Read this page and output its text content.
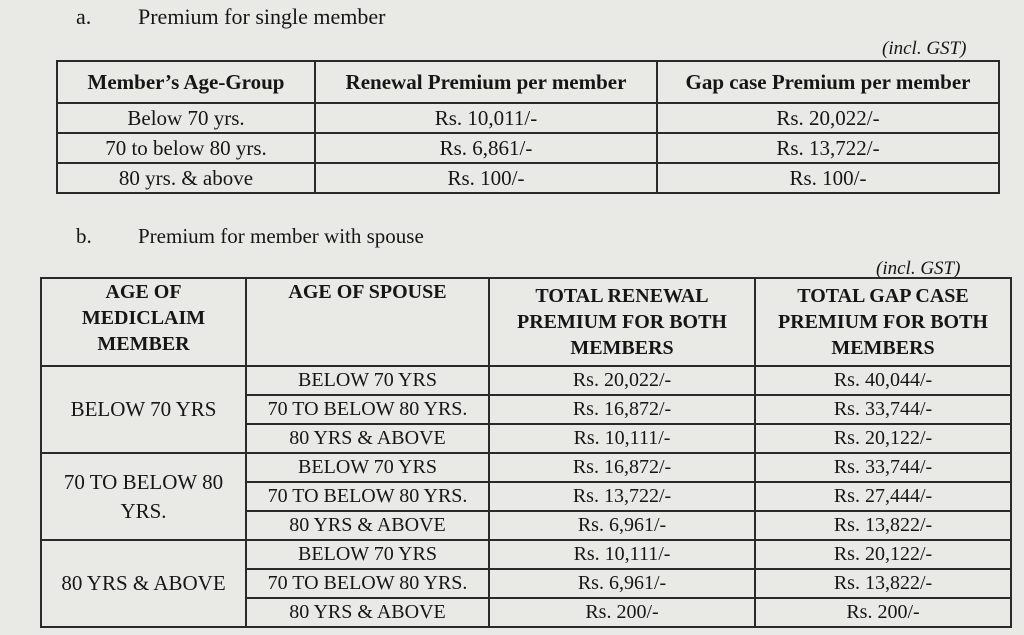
a. Premium for single member
(incl. GST)
Member’s Age-Group	Renewal Premium per member	Gap case Premium per member
Below 70 yrs.	Rs. 10,011/-	Rs. 20,022/-
70 to below 80 yrs.	Rs. 6,861/-	Rs. 13,722/-
80 yrs. & above	Rs. 100/-	Rs. 100/-
b. Premium for member with spouse
(incl. GST)
AGE OF MEDICLAIM MEMBER	AGE OF SPOUSE	TOTAL RENEWAL PREMIUM FOR BOTH MEMBERS	TOTAL GAP CASE PREMIUM FOR BOTH MEMBERS
BELOW 70 YRS	BELOW 70 YRS	Rs. 20,022/-	Rs. 40,044/-
	70 TO BELOW 80 YRS.	Rs. 16,872/-	Rs. 33,744/-
	80 YRS & ABOVE	Rs. 10,111/-	Rs. 20,122/-
70 TO BELOW 80 YRS.	BELOW 70 YRS	Rs. 16,872/-	Rs. 33,744/-
	70 TO BELOW 80 YRS.	Rs. 13,722/-	Rs. 27,444/-
	80 YRS & ABOVE	Rs. 6,961/-	Rs. 13,822/-
80 YRS & ABOVE	BELOW 70 YRS	Rs. 10,111/-	Rs. 20,122/-
	70 TO BELOW 80 YRS.	Rs. 6,961/-	Rs. 13,822/-
	80 YRS & ABOVE	Rs. 200/-	Rs. 200/-
